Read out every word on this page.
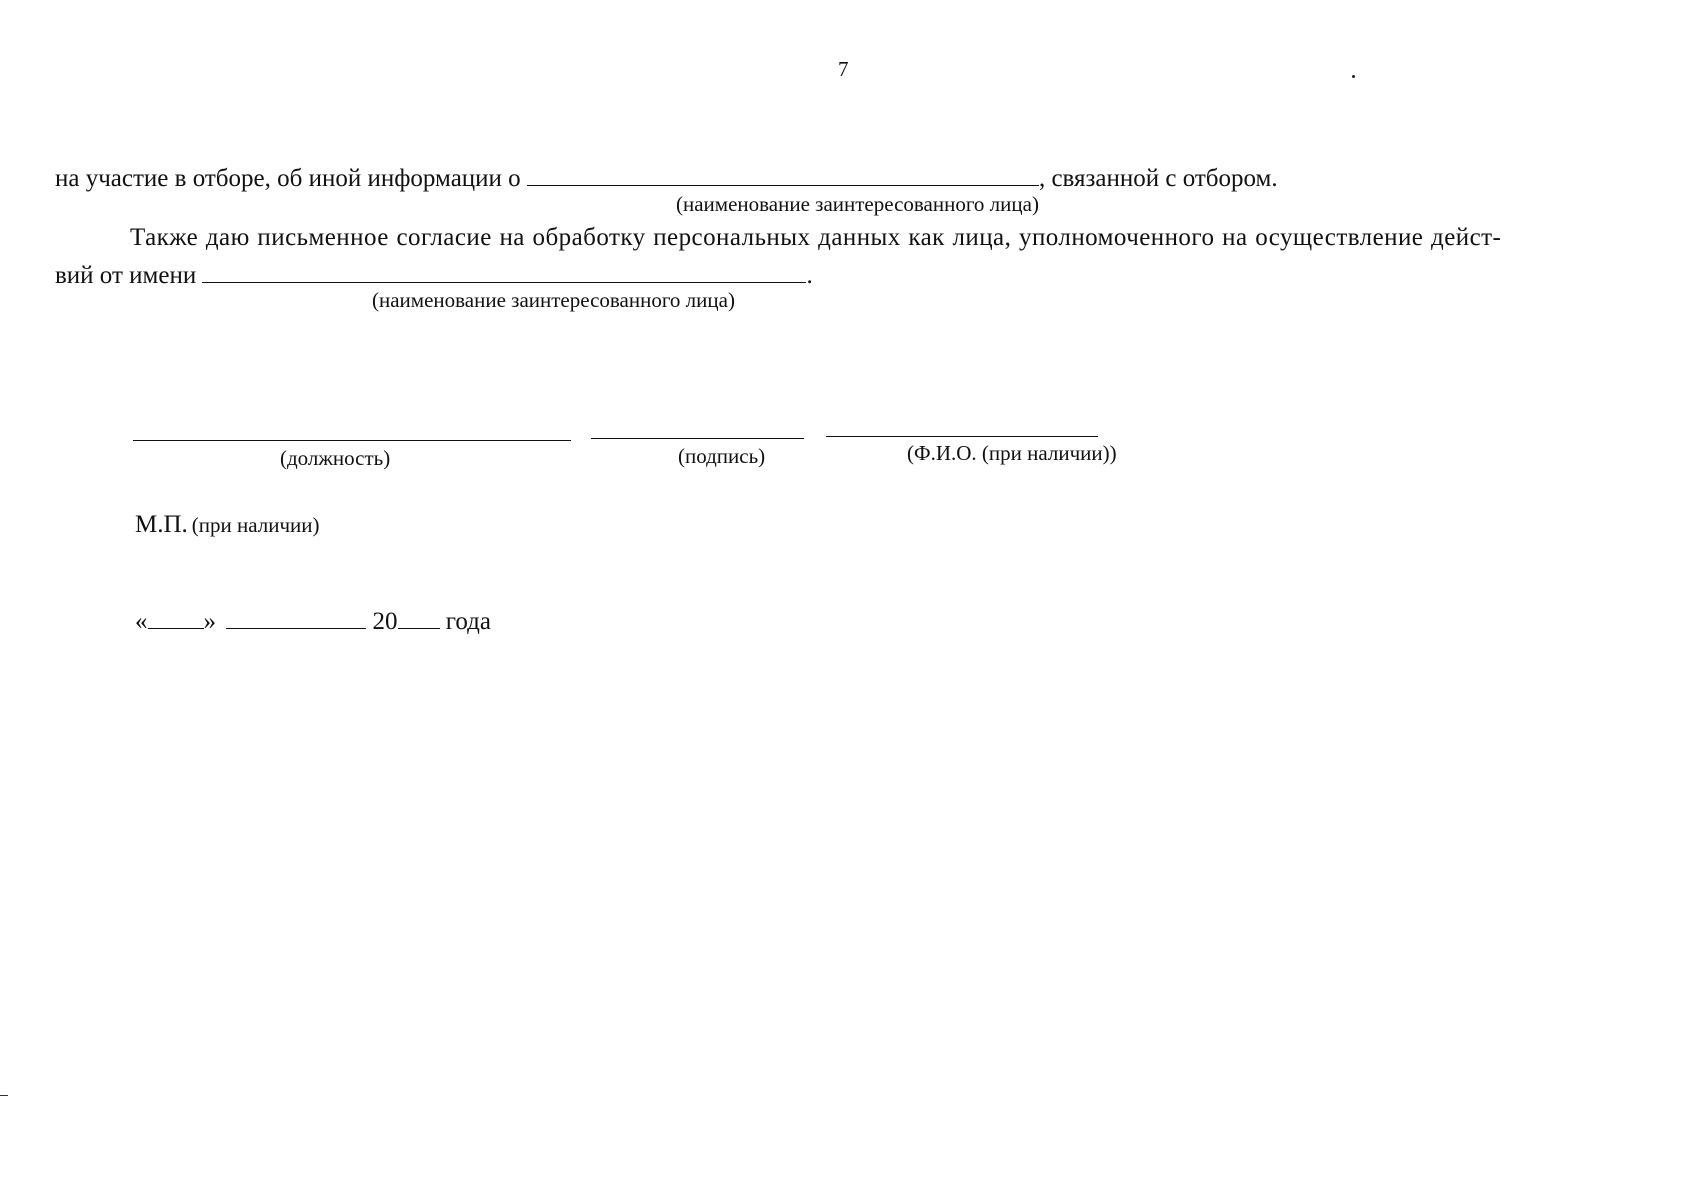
7
на участие в отборе, об иной информации о	, связанной с отбором.
(наименование заинтересованного лица)
Также даю письменное согласие на обработку персональных данных как лица, уполномоченного на осуществление дейст-
вий от имени	.
(наименование заинтересованного лица)
(должность)	(подпись)	(Ф.И.О. (при наличии))
М.П. (при наличии)
« »	20 года
